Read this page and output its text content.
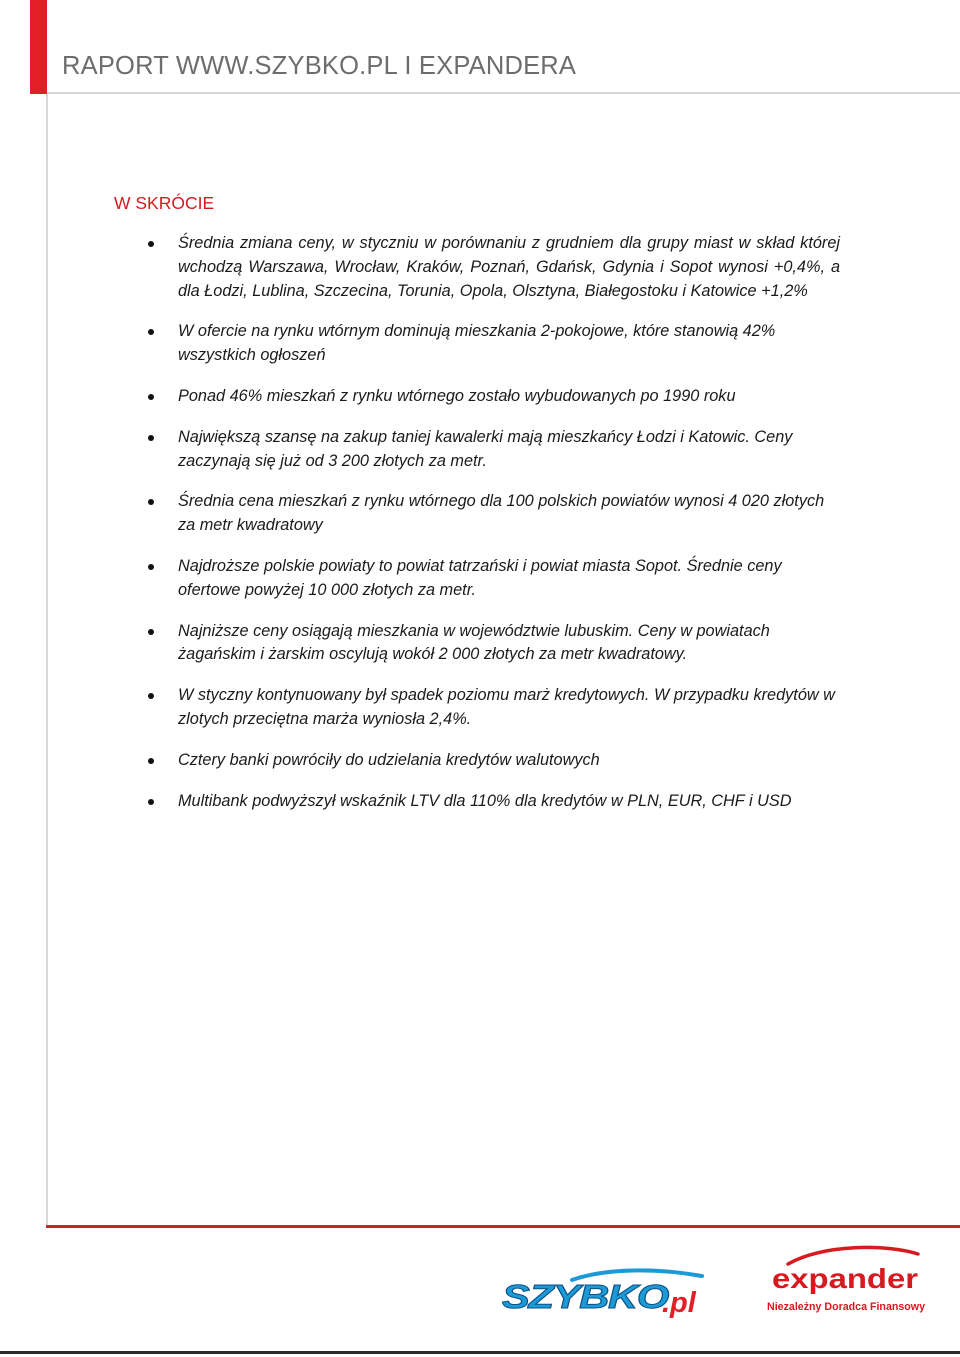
RAPORT WWW.SZYBKO.PL I EXPANDERA
W SKRÓCIE
Średnia zmiana ceny, w styczniu w porównaniu z grudniem dla grupy miast w skład której wchodzą Warszawa, Wrocław, Kraków, Poznań, Gdańsk, Gdynia i Sopot wynosi +0,4%, a dla Łodzi, Lublina, Szczecina, Torunia, Opola, Olsztyna, Białegostoku i Katowice +1,2%
W ofercie na rynku wtórnym dominują mieszkania 2-pokojowe, które stanowią 42% wszystkich ogłoszeń
Ponad 46% mieszkań z rynku wtórnego zostało wybudowanych po 1990 roku
Największą szansę na zakup taniej kawalerki mają mieszkańcy Łodzi i Katowic. Ceny zaczynają się już od 3 200 złotych za metr.
Średnia cena mieszkań z rynku wtórnego dla 100 polskich powiatów wynosi 4 020 złotych za metr kwadratowy
Najdroższe polskie powiaty to powiat tatrzański i powiat miasta Sopot. Średnie ceny ofertowe powyżej 10 000 złotych za metr.
Najniższe ceny osiągają mieszkania w województwie lubuskim. Ceny w powiatach żagańskim i żarskim oscylują wokół 2 000 złotych za metr kwadratowy.
W styczny kontynuowany był spadek poziomu marż kredytowych. W przypadku kredytów w zlotych przeciętna marża wyniosła 2,4%.
Cztery banki powróciły do udzielania kredytów walutowych
Multibank podwyższył wskaźnik LTV dla 110% dla kredytów w PLN, EUR, CHF i USD
SZYBKO
.pl
expander
Niezależny Doradca Finansowy
